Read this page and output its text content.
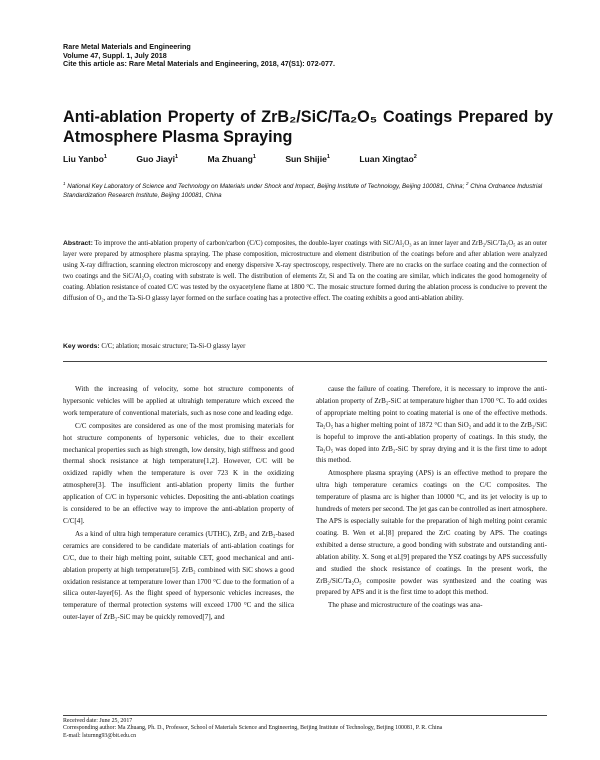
Rare Metal Materials and Engineering
Volume 47, Suppl. 1, July 2018
Cite this article as: Rare Metal Materials and Engineering, 2018, 47(S1): 072-077.
Anti-ablation Property of ZrB₂/SiC/Ta₂O₅ Coatings Prepared by Atmosphere Plasma Spraying
Liu Yanbo$^1$	Guo Jiayi$^1$	Ma Zhuang$^1$	Sun Shijie$^1$	Luan Xingtao$^2$
$^1$ National Key Laboratory of Science and Technology on Materials under Shock and Impact, Beijing Institute of Technology, Beijing 100081, China; $^2$ China Ordnance Industrial Standardization Research Institute, Beijing 100081, China
Abstract: To improve the anti-ablation property of carbon/carbon (C/C) composites, the double-layer coatings with SiC/Al₂O₃ as an inner layer and ZrB₂/SiC/Ta₂O₅ as an outer layer were prepared by atmosphere plasma spraying. The phase composition, microstructure and element distribution of the coatings before and after ablation were analyzed using X-ray diffraction, scanning electron microscopy and energy dispersive X-ray spectroscopy, respectively. There are no cracks on the surface coating and the connection of two coatings and the SiC/Al₂O₃ coating with substrate is well. The distribution of elements Zr, Si and Ta on the coating are similar, which indicates the good homogeneity of coating. Ablation resistance of coated C/C was tested by the oxyacetylene flame at 1800 °C. The mosaic structure formed during the ablation process is conducive to prevent the diffusion of O₂, and the Ta-Si-O glassy layer formed on the surface coating has a protective effect. The coating exhibits a good anti-ablation ability.
Key words: C/C; ablation; mosaic structure; Ta-Si-O glassy layer

With the increasing of velocity, some hot structure components of hypersonic vehicles will be applied at ultrahigh temperature which exceed the work temperature of conventional materials, such as nose cone and leading edge.

C/C composites are considered as one of the most promising materials for hot structure components of hypersonic vehicles, due to their excellent mechanical properties such as high strength, low density, high stiffness and good thermal shock resistance at high temperature[1,2]. However, C/C will be oxidized rapidly when the temperature is over 723 K in the oxidizing atmosphere[3]. The insufficient anti-ablation property limits the further application of C/C in hypersonic vehicles. Depositing the anti-ablation coatings is considered to be an effective way to improve the anti-ablation property of C/C[4].

As a kind of ultra high temperature ceramics (UTHC), ZrB₂ and ZrB₂-based ceramics are considered to be candidate materials of anti-ablation coatings for C/C, due to their high melting point, suitable CET, good mechanical and anti-ablation property at high temperature[5]. ZrB₂ combined with SiC shows a good oxidation resistance at temperature lower than 1700 °C due to the formation of a silica outer-layer[6]. As the flight speed of hypersonic vehicles increases, the temperature of thermal protection systems will exceed 1700 °C and the silica outer-layer of ZrB₂-SiC may be quickly removed[7], and

cause the failure of coating. Therefore, it is necessary to improve the anti-ablation property of ZrB₂-SiC at temperature higher than 1700 °C. To add oxides of appropriate melting point to coating material is one of the effective methods. Ta₂O₅ has a higher melting point of 1872 °C than SiO₂ and add it to the ZrB₂/SiC is hopeful to improve the anti-ablation property of coatings. In this study, the Ta₂O₅ was doped into ZrB₂-SiC by spray drying and it is the first time to adopt this method.

Atmosphere plasma spraying (APS) is an effective method to prepare the ultra high temperature ceramics coatings on the C/C composites. The temperature of plasma arc is higher than 10000 °C, and its jet velocity is up to hundreds of meters per second. The jet gas can be controlled as inert atmosphere. The APS is especially suitable for the preparation of high melting point ceramic coating. B. Wen et al.[8] prepared the ZrC coating by APS. The coatings exhibited a dense structure, a good bonding with substrate and outstanding anti-ablation ability. X. Song et al.[9] prepared the YSZ coatings by APS successfully and studied the shock resistance of coatings. In the present work, the ZrB₂/SiC/Ta₂O₅ composite powder was synthesized and the coating was prepared by APS and it is the first time to adopt this method.

The phase and microstructure of the coatings was ana-

Received date: June 25, 2017
Corresponding author: Ma Zhuang, Ph. D., Professor, School of Materials Science and Engineering, Beijing Institute of Technology, Beijing 100081, P. R. China
E-mail: lsturnng93@bit.edu.cn
